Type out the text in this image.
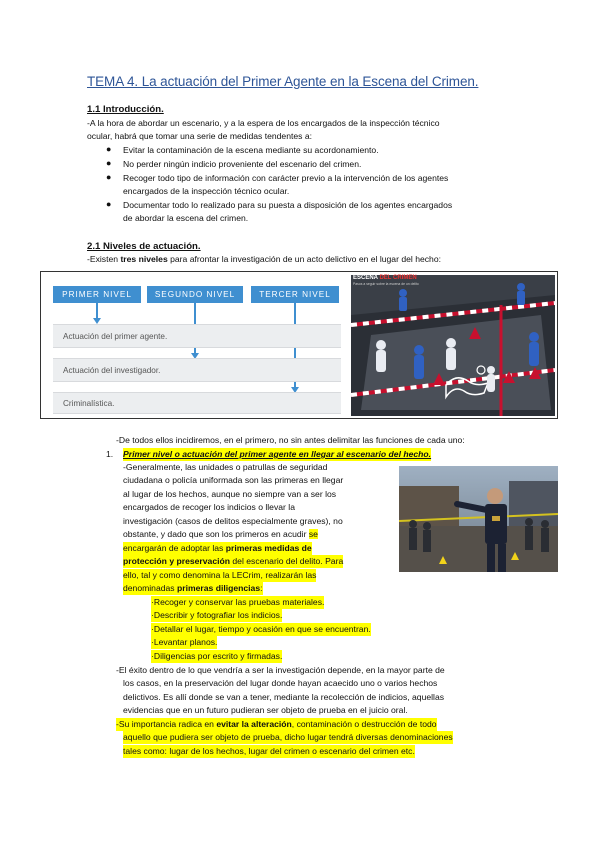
TEMA 4. La actuación del Primer Agente en la Escena del Crimen.
1.1 Introducción.
-A la hora de abordar un escenario, y a la espera de los encargados de la inspección técnico
ocular, habrá que tomar una serie de medidas tendentes a:
● Evitar la contaminación de la escena mediante su acordonamiento.
● No perder ningún indicio proveniente del escenario del crimen.
● Recoger todo tipo de información con carácter previo a la intervención de los agentes
encargados de la inspección técnico ocular.
● Documentar todo lo realizado para su puesta a disposición de los agentes encargados
de abordar la escena del crimen.
2.1 Niveles de actuación.
-Existen tres niveles para afrontar la investigación de un acto delictivo en el lugar del hecho:
PRIMER NIVEL	SEGUNDO NIVEL	TERCER NIVEL
Actuación del primer agente.
Actuación del investigador.
Criminalística.
ESCENA DEL CRIMEN
Pasos a seguir sobre la escena de un delito
-De todos ellos incidiremos, en el primero, no sin antes delimitar las funciones de cada uno:
1. Primer nivel o actuación del primer agente en llegar al escenario del hecho.
-Generalmente, las unidades o patrullas de seguridad
ciudadana o policía uniformada son las primeras en llegar
al lugar de los hechos, aunque no siempre van a ser los
encargados de recoger los indicios o llevar la
investigación (casos de delitos especialmente graves), no
obstante, y dado que son los primeros en acudir se
encargarán de adoptar las primeras medidas de
protección y preservación del escenario del delito. Para
ello, tal y como denomina la LECrim, realizarán las
denominadas primeras diligencias:
·Recoger y conservar las pruebas materiales.
·Describir y fotografiar los indicios.
·Detallar el lugar, tiempo y ocasión en que se encuentran.
·Levantar planos.
·Diligencias por escrito y firmadas.
-El éxito dentro de lo que vendría a ser la investigación depende, en la mayor parte de
los casos, en la preservación del lugar donde hayan acaecido uno o varios hechos
delictivos. Es allí donde se van a tener, mediante la recolección de indicios, aquellas
evidencias que en un futuro pudieran ser objeto de prueba en el juicio oral.
-Su importancia radica en evitar la alteración, contaminación o destrucción de todo
aquello que pudiera ser objeto de prueba, dicho lugar tendrá diversas denominaciones
tales como: lugar de los hechos, lugar del crimen o escenario del crimen etc.
